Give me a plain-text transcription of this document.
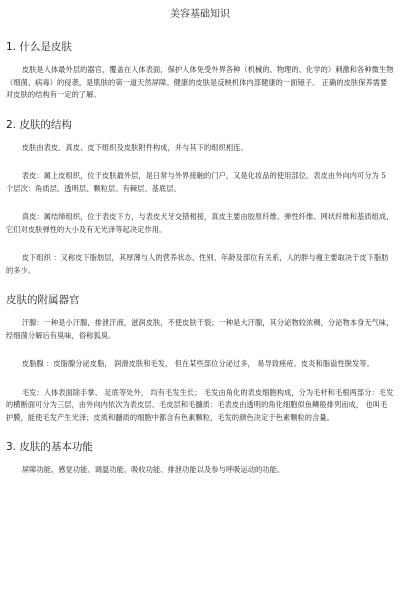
美容基础知识
1. 什么是皮肤
皮肤是人体最外层的器官，覆盖在人体表面，保护人体免受外界各种（机械的、物理的、化学的）刺激和各种微生物（细菌、病毒）的侵袭，是肌肤的第一道天然屏障。健康的皮肤是反映机体内部健康的一面镜子。 正确的皮肤保养需要对皮肤的结构有一定的了解。
2. 皮肤的结构
皮肤由表皮、真皮、皮下组织及皮肤附件构成，并与其下的组织相连。
表皮：属上皮组织，位于皮肤最外层，是日常与外界接触的门户，又是化妆品的使用部位。表皮由外向内可分为 5 个层次：角质层、透明层、颗粒层、有棘层、基底层。
真皮：属结缔组织，位于表皮下方，与表皮犬牙交错相接，真皮主要由胶原纤维、弹性纤维、网状纤维和基质组成，它们对皮肤弹性的大小及有无光泽等起决定作用。
皮下组织 ：又称皮下脂肪层，其厚薄与人的营养状态、性别、年龄及部位有关系，人的胖与瘦主要取决于皮下脂肪的多少。
皮肤的附属器官
汗腺：一种是小汗腺，排泄汗液，滋润皮肤，不使皮肤干裂；一种是大汗腺，其分泌物较浓稠，分泌物本身无气味，经细菌分解后有臭味，俗称狐臭。
皮脂腺 ：皮脂腺分泌皮脂， 润滑皮肤和毛发， 但在某些部位分泌过多， 易导致痤疮、皮炎和脂溢性脱发等。
毛发：人体表面除手掌、 足底等处外， 均有毛发生长； 毛发由角化的表皮细胞构成，分为毛杆和毛根两部分：毛发的横断面可分为三层，由外向内依次为表皮层、毛皮层和毛髓质：毛表皮由透明的角化细胞似鱼鳞般排列而成， 也叫毛护膜，能使毛发产生光泽；皮质和髓质的细胞中都含有色素颗粒，毛发的颜色决定于色素颗粒的含量。
3. 皮肤的基本功能
屏障功能、感觉功能、调温功能、吸收功能、排泄功能以及参与呼吸运动的功能。
